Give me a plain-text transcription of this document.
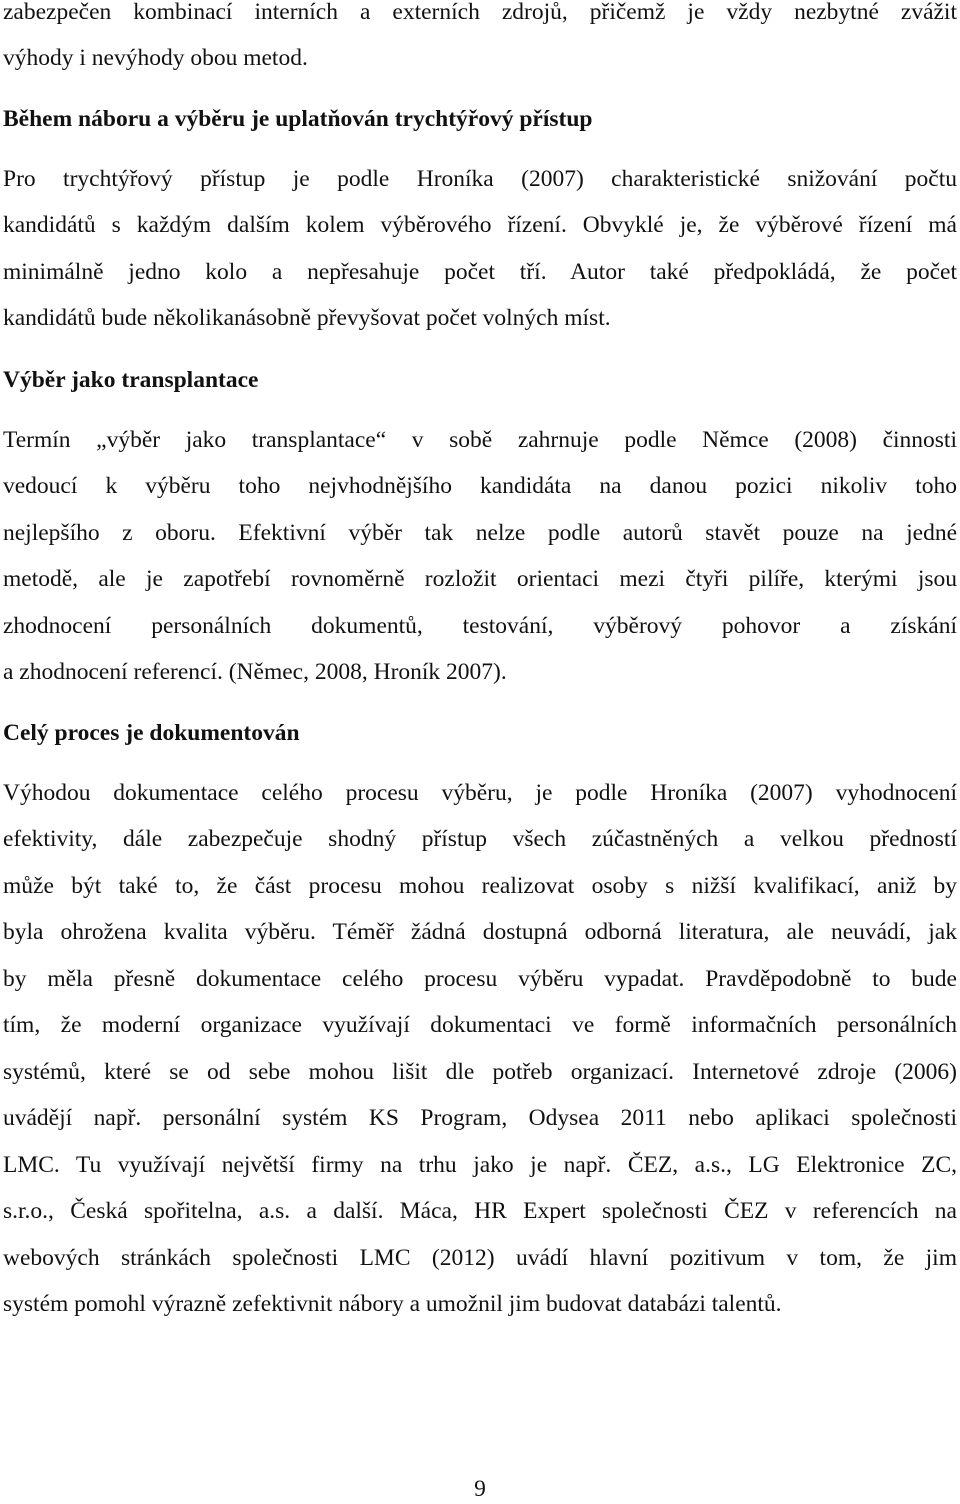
zabezpečen kombinací interních a externích zdrojů, přičemž je vždy nezbytné zvážit
výhody i nevýhody obou metod.
Během náboru a výběru je uplatňován trychtýřový přístup
Pro trychtýřový přístup je podle Hroníka (2007) charakteristické snižování počtu
kandidátů s každým dalším kolem výběrového řízení. Obvyklé je, že výběrové řízení má
minimálně jedno kolo a nepřesahuje počet tří. Autor také předpokládá, že počet
kandidátů bude několikanásobně převyšovat počet volných míst.
Výběr jako transplantace
Termín „výběr jako transplantace“ v sobě zahrnuje podle Němce (2008) činnosti
vedoucí k výběru toho nejvhodnějšího kandidáta na danou pozici nikoliv toho
nejlepšího z oboru. Efektivní výběr tak nelze podle autorů stavět pouze na jedné
metodě, ale je zapotřebí rovnoměrně rozložit orientaci mezi čtyři pilíře, kterými jsou
zhodnocení personálních dokumentů, testování, výběrový pohovor a získání
a zhodnocení referencí. (Němec, 2008, Hroník 2007).
Celý proces je dokumentován
Výhodou dokumentace celého procesu výběru, je podle Hroníka (2007) vyhodnocení
efektivity, dále zabezpečuje shodný přístup všech zúčastněných a velkou předností
může být také to, že část procesu mohou realizovat osoby s nižší kvalifikací, aniž by
byla ohrožena kvalita výběru. Téměř žádná dostupná odborná literatura, ale neuvádí, jak
by měla přesně dokumentace celého procesu výběru vypadat. Pravděpodobně to bude
tím, že moderní organizace využívají dokumentaci ve formě informačních personálních
systémů, které se od sebe mohou lišit dle potřeb organizací. Internetové zdroje (2006)
uvádějí např. personální systém KS Program, Odysea 2011 nebo aplikaci společnosti
LMC. Tu využívají největší firmy na trhu jako je např. ČEZ, a.s., LG Elektronice ZC,
s.r.o., Česká spořitelna, a.s. a další. Máca, HR Expert společnosti ČEZ v referencích na
webových stránkách společnosti LMC (2012) uvádí hlavní pozitivum v tom, že jim
systém pomohl výrazně zefektivnit nábory a umožnil jim budovat databázi talentů.
9
